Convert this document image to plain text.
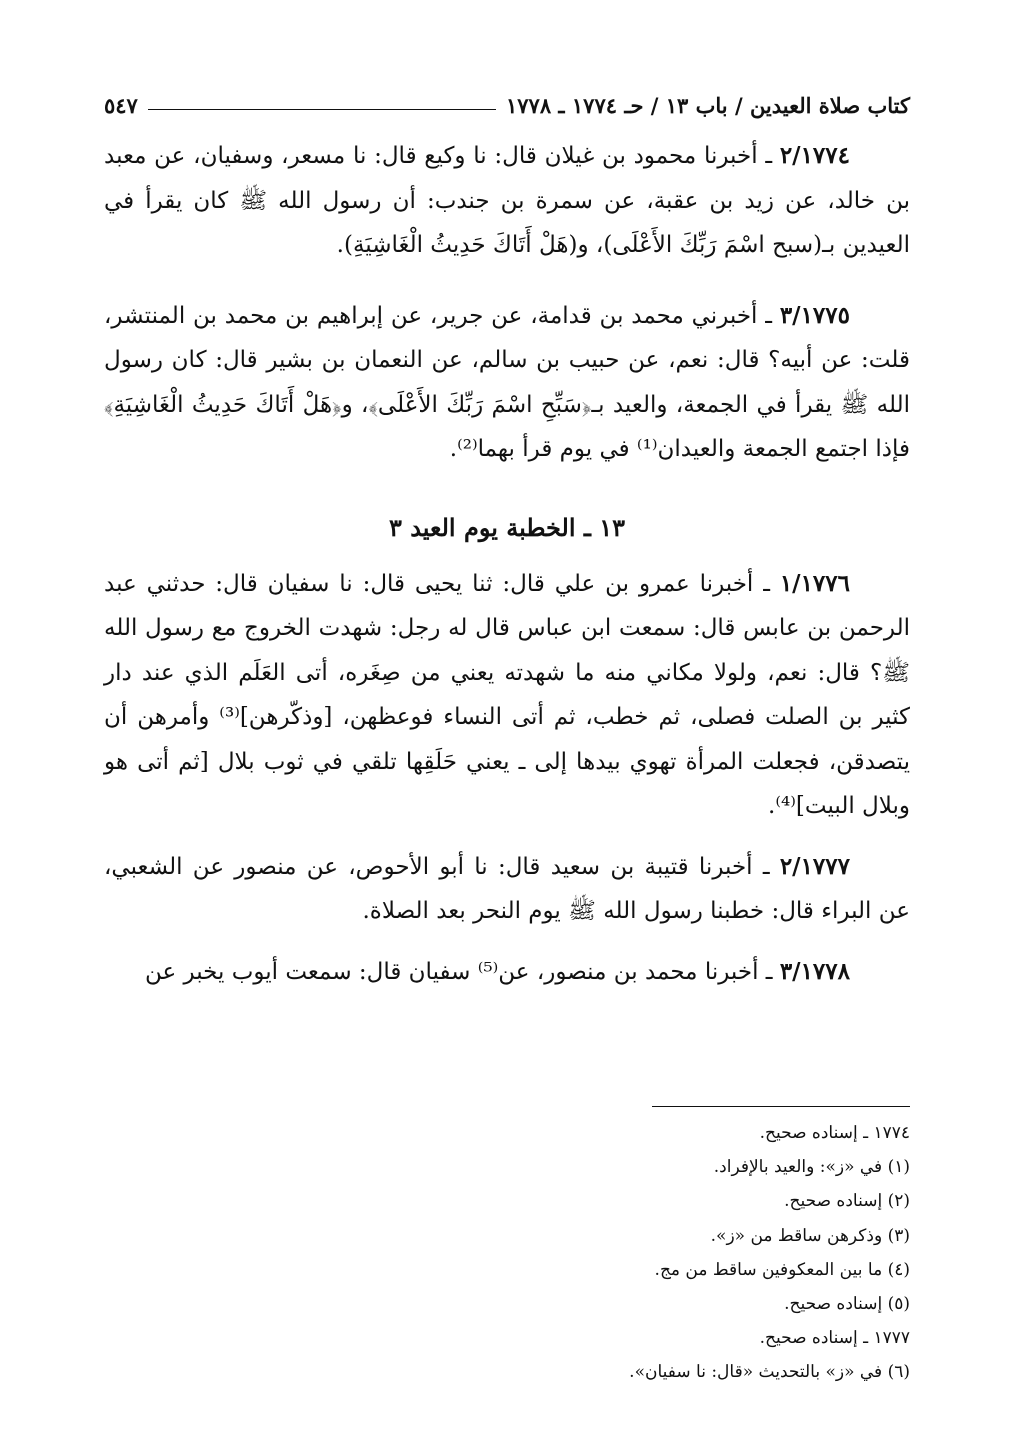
كتاب صلاة العيدين / باب ١٣ / حـ ١٧٧٤ ـ ١٧٧٨
٥٤٧

٢/١٧٧٤ ـ أخبرنا محمود بن غيلان قال: نا وكيع قال: نا مسعر، وسفيان، عن معبد بن خالد، عن زيد بن عقبة، عن سمرة بن جندب: أن رسول الله ﷺ كان يقرأ في العيدين بـ(سبح اسْمَ رَبِّكَ الأَعْلَى)، و(هَلْ أَتَاكَ حَدِيثُ الْغَاشِيَةِ).

٣/١٧٧٥ ـ أخبرني محمد بن قدامة، عن جرير، عن إبراهيم بن محمد بن المنتشر، قلت: عن أبيه؟ قال: نعم، عن حبيب بن سالم، عن النعمان بن بشير قال: كان رسول الله ﷺ يقرأ في الجمعة، والعيد بـ﴿سَبِّحِ اسْمَ رَبِّكَ الأَعْلَى﴾، و﴿هَلْ أَتَاكَ حَدِيثُ الْغَاشِيَةِ﴾ فإذا اجتمع الجمعة والعيدان⁽¹⁾ في يوم قرأ بهما⁽²⁾.

١٣ ـ الخطبة يوم العيد ٣

١/١٧٧٦ ـ أخبرنا عمرو بن علي قال: ثنا يحيى قال: نا سفيان قال: حدثني عبد الرحمن بن عابس قال: سمعت ابن عباس قال له رجل: شهدت الخروج مع رسول الله ﷺ؟ قال: نعم، ولولا مكاني منه ما شهدته يعني من صِغَره، أتى العَلَم الذي عند دار كثير بن الصلت فصلى، ثم خطب، ثم أتى النساء فوعظهن، [وذكّرهن]⁽³⁾ وأمرهن أن يتصدقن، فجعلت المرأة تهوي بيدها إلى ـ يعني حَلَقِها تلقي في ثوب بلال [ثم أتى هو وبلال البيت]⁽⁴⁾.

٢/١٧٧٧ ـ أخبرنا قتيبة بن سعيد قال: نا أبو الأحوص، عن منصور عن الشعبي، عن البراء قال: خطبنا رسول الله ﷺ يوم النحر بعد الصلاة.

٣/١٧٧٨ ـ أخبرنا محمد بن منصور، عن⁽⁵⁾ سفيان قال: سمعت أيوب يخبر عن

١٧٧٤ ـ إسناده صحيح.

(١) في «ز»: والعيد بالإفراد.

(٢) إسناده صحيح.

(٣) وذكرهن ساقط من «ز».

(٤) ما بين المعكوفين ساقط من مج.

(٥) إسناده صحيح.

١٧٧٧ ـ إسناده صحيح.

(٦) في «ز» بالتحديث «قال: نا سفيان».
